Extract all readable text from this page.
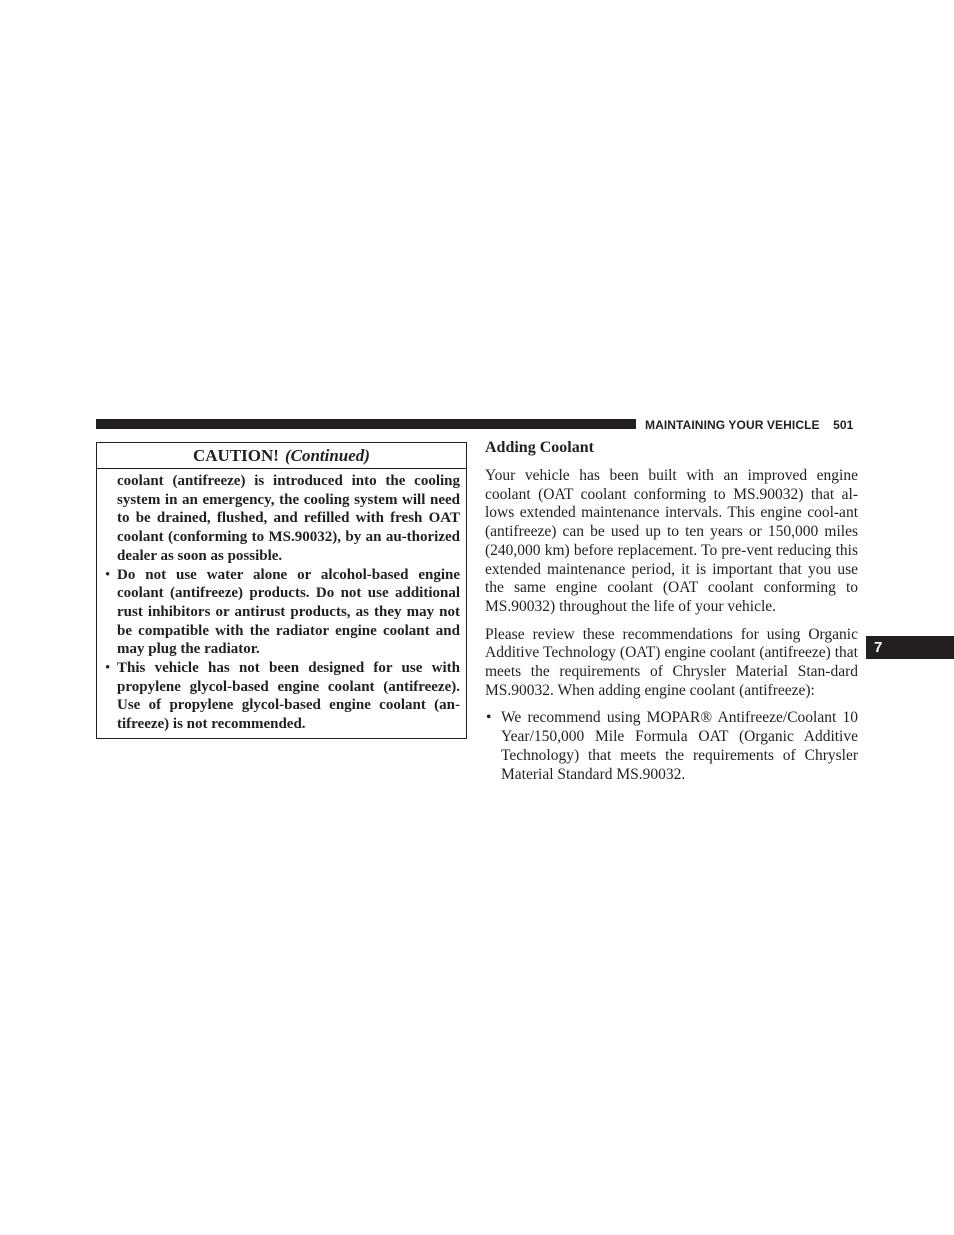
MAINTAINING YOUR VEHICLE 501
CAUTION! (Continued)

coolant (antifreeze) is introduced into the cooling system in an emergency, the cooling system will need to be drained, flushed, and refilled with fresh OAT coolant (conforming to MS.90032), by an au-thorized dealer as soon as possible.

• Do not use water alone or alcohol-based engine coolant (antifreeze) products. Do not use additional rust inhibitors or antirust products, as they may not be compatible with the radiator engine coolant and may plug the radiator.
• This vehicle has not been designed for use with propylene glycol-based engine coolant (antifreeze). Use of propylene glycol-based engine coolant (an-tifreeze) is not recommended.
Adding Coolant

Your vehicle has been built with an improved engine coolant (OAT coolant conforming to MS.90032) that al-lows extended maintenance intervals. This engine cool-ant (antifreeze) can be used up to ten years or 150,000 miles (240,000 km) before replacement. To pre-vent reducing this extended maintenance period, it is important that you use the same engine coolant (OAT coolant conforming to MS.90032) throughout the life of your vehicle.

Please review these recommendations for using Organic Additive Technology (OAT) engine coolant (antifreeze) that meets the requirements of Chrysler Material Stan-dard MS.90032. When adding engine coolant (antifreeze):

• We recommend using MOPAR® Antifreeze/Coolant 10 Year/150,000 Mile Formula OAT (Organic Additive Technology) that meets the requirements of Chrysler Material Standard MS.90032.
7
